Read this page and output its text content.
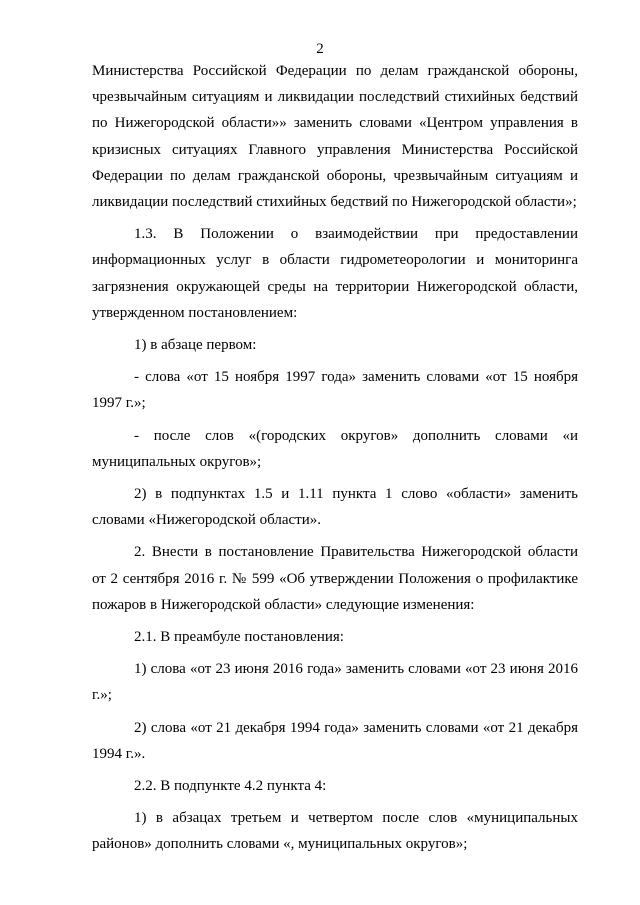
2

Министерства Российской Федерации по делам гражданской обороны, чрезвычайным ситуациям и ликвидации последствий стихийных бедствий по Нижегородской области»» заменить словами «Центром управления в кризисных ситуациях Главного управления Министерства Российской Федерации по делам гражданской обороны, чрезвычайным ситуациям и ликвидации последствий стихийных бедствий по Нижегородской области»;

1.3. В Положении о взаимодействии при предоставлении информационных услуг в области гидрометеорологии и мониторинга загрязнения окружающей среды на территории Нижегородской области, утвержденном постановлением:

1) в абзаце первом:

- слова «от 15 ноября 1997 года» заменить словами «от 15 ноября 1997 г.»;

- после слов «(городских округов» дополнить словами «и муниципальных округов»;

2) в подпунктах 1.5 и 1.11 пункта 1 слово «области» заменить словами «Нижегородской области».

2. Внести в постановление Правительства Нижегородской области от 2 сентября 2016 г. № 599 «Об утверждении Положения о профилактике пожаров в Нижегородской области» следующие изменения:

2.1. В преамбуле постановления:

1) слова «от 23 июня 2016 года» заменить словами «от 23 июня 2016 г.»;

2) слова «от 21 декабря 1994 года» заменить словами «от 21 декабря 1994 г.».

2.2. В подпункте 4.2 пункта 4:

1) в абзацах третьем и четвертом после слов «муниципальных районов» дополнить словами «, муниципальных округов»;
